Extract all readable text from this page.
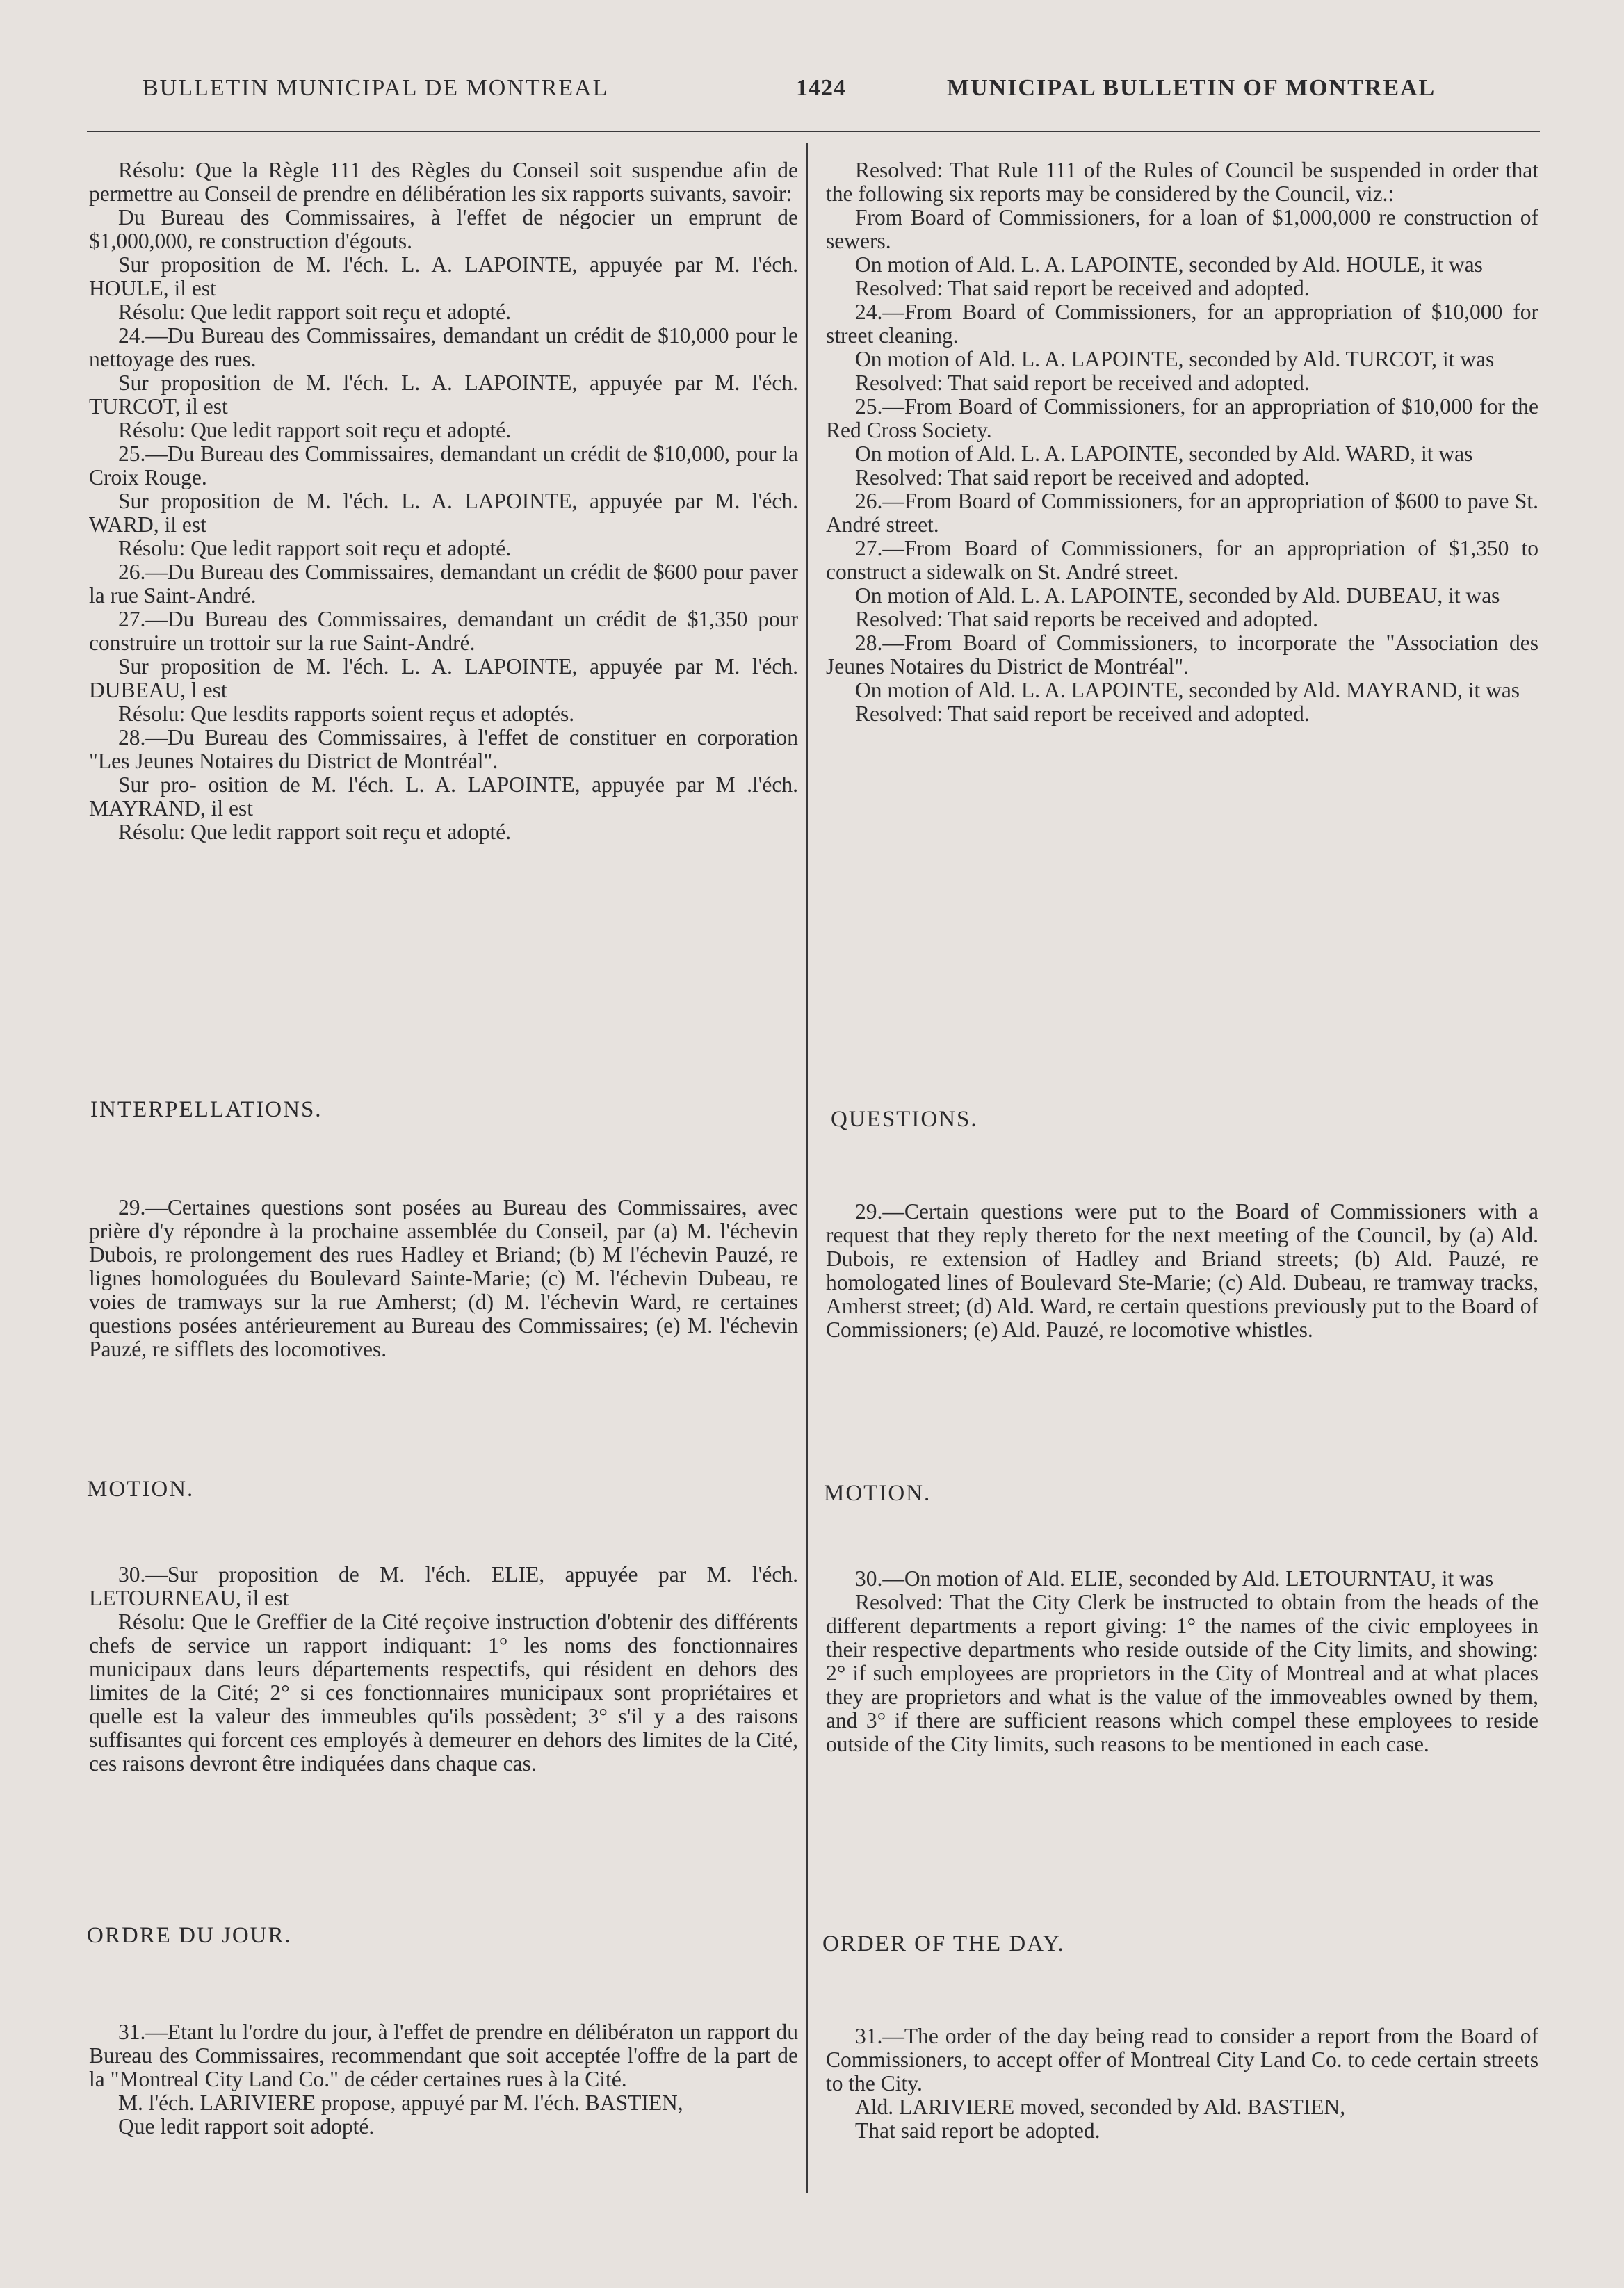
BULLETIN MUNICIPAL DE MONTREAL	1424	MUNICIPAL BULLETIN OF MONTREAL

Résolu: Que la Règle 111 des Règles du Conseil soit suspendue afin de permettre au Conseil de prendre en délibération les six rapports suivants, savoir:

Du Bureau des Commissaires, à l'effet de négocier un emprunt de $1,000,000, re construction d'égouts.

Sur proposition de M. l'éch. L. A. LAPOINTE, appuyée par M. l'éch. HOULE, il est

Résolu: Que ledit rapport soit reçu et adopté.

24.—Du Bureau des Commissaires, demandant un crédit de $10,000 pour le nettoyage des rues.

Sur proposition de M. l'éch. L. A. LAPOINTE, appuyée par M. l'éch. TURCOT, il est

Résolu: Que ledit rapport soit reçu et adopté.

25.—Du Bureau des Commissaires, demandant un crédit de $10,000, pour la Croix Rouge.

Sur proposition de M. l'éch. L. A. LAPOINTE, appuyée par M. l'éch. WARD, il est

Résolu: Que ledit rapport soit reçu et adopté.

26.—Du Bureau des Commissaires, demandant un crédit de $600 pour paver la rue Saint-André.

27.—Du Bureau des Commissaires, demandant un crédit de $1,350 pour construire un trottoir sur la rue Saint-André.

Sur proposition de M. l'éch. L. A. LAPOINTE, appuyée par M. l'éch. DUBEAU, l est

Résolu: Que lesdits rapports soient reçus et adoptés.

28.—Du Bureau des Commissaires, à l'effet de constituer en corporation "Les Jeunes Notaires du District de Montréal".

Sur pro- osition de M. l'éch. L. A. LAPOINTE, appuyée par M .l'éch. MAYRAND, il est

Résolu: Que ledit rapport soit reçu et adopté.

Resolved: That Rule 111 of the Rules of Council be suspended in order that the following six reports may be considered by the Council, viz.:

From Board of Commissioners, for a loan of $1,000,000 re construction of sewers.

On motion of Ald. L. A. LAPOINTE, seconded by Ald. HOULE, it was

Resolved: That said report be received and adopted.

24.—From Board of Commissioners, for an appropriation of $10,000 for street cleaning.

On motion of Ald. L. A. LAPOINTE, seconded by Ald. TURCOT, it was

Resolved: That said report be received and adopted.

25.—From Board of Commissioners, for an appropriation of $10,000 for the Red Cross Society.

On motion of Ald. L. A. LAPOINTE, seconded by Ald. WARD, it was

Resolved: That said report be received and adopted.

26.—From Board of Commissioners, for an appropriation of $600 to pave St. André street.

27.—From Board of Commissioners, for an appropriation of $1,350 to construct a sidewalk on St. André street.

On motion of Ald. L. A. LAPOINTE, seconded by Ald. DUBEAU, it was

Resolved: That said reports be received and adopted.

28.—From Board of Commissioners, to incorporate the "Association des Jeunes Notaires du District de Montréal".

On motion of Ald. L. A. LAPOINTE, seconded by Ald. MAYRAND, it was

Resolved: That said report be received and adopted.

INTERPELLATIONS.	QUESTIONS.

29.—Certaines questions sont posées au Bureau des Commissaires, avec prière d'y répondre à la prochaine assemblée du Conseil, par (a) M. l'échevin Dubois, re prolongement des rues Hadley et Briand; (b) M l'échevin Pauzé, re lignes homologuées du Boulevard Sainte-Marie; (c) M. l'échevin Dubeau, re voies de tramways sur la rue Amherst; (d) M. l'échevin Ward, re certaines questions posées antérieurement au Bureau des Commissaires; (e) M. l'échevin Pauzé, re sifflets des locomotives.

29.—Certain questions were put to the Board of Commissioners with a request that they reply thereto for the next meeting of the Council, by (a) Ald. Dubois, re extension of Hadley and Briand streets; (b) Ald. Pauzé, re homologated lines of Boulevard Ste-Marie; (c) Ald. Dubeau, re tramway tracks, Amherst street; (d) Ald. Ward, re certain questions previously put to the Board of Commissioners; (e) Ald. Pauzé, re locomotive whistles.

MOTION.	MOTION.

30.—Sur proposition de M. l'éch. ELIE, appuyée par M. l'éch. LETOURNEAU, il est

Résolu: Que le Greffier de la Cité reçoive instruction d'obtenir des différents chefs de service un rapport indiquant: 1° les noms des fonctionnaires municipaux dans leurs départements respectifs, qui résident en dehors des limites de la Cité; 2° si ces fonctionnaires municipaux sont propriétaires et quelle est la valeur des immeubles qu'ils possèdent; 3° s'il y a des raisons suffisantes qui forcent ces employés à demeurer en dehors des limites de la Cité, ces raisons devront être indiquées dans chaque cas.

30.—On motion of Ald. ELIE, seconded by Ald. LETOURNTAU, it was

Resolved: That the City Clerk be instructed to obtain from the heads of the different departments a report giving: 1° the names of the civic employees in their respective departments who reside outside of the City limits, and showing: 2° if such employees are proprietors in the City of Montreal and at what places they are proprietors and what is the value of the immoveables owned by them, and 3° if there are sufficient reasons which compel these employees to reside outside of the City limits, such reasons to be mentioned in each case.

ORDRE DU JOUR.	ORDER OF THE DAY.

31.—Etant lu l'ordre du jour, à l'effet de prendre en délibératon un rapport du Bureau des Commissaires, recommendant que soit acceptée l'offre de la part de la "Montreal City Land Co." de céder certaines rues à la Cité.

M. l'éch. LARIVIERE propose, appuyé par M. l'éch. BASTIEN,

Que ledit rapport soit adopté.

31.—The order of the day being read to consider a report from the Board of Commissioners, to accept offer of Montreal City Land Co. to cede certain streets to the City.

Ald. LARIVIERE moved, seconded by Ald. BASTIEN,

That said report be adopted.
